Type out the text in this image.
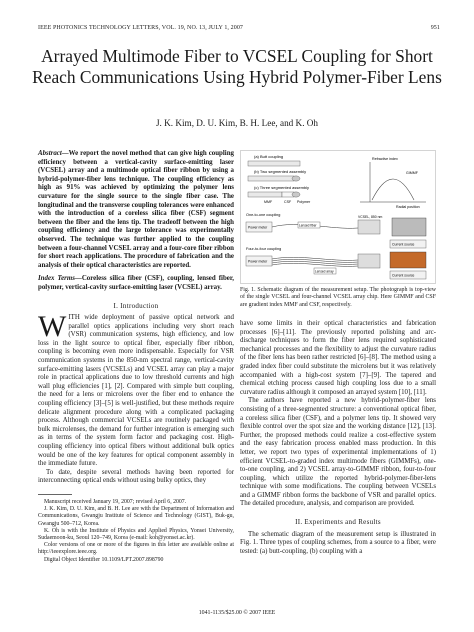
IEEE PHOTONICS TECHNOLOGY LETTERS, VOL. 19, NO. 13, JULY 1, 2007	951
Arrayed Multimode Fiber to VCSEL Coupling for Short Reach Communications Using Hybrid Polymer-Fiber Lens
J. K. Kim, D. U. Kim, B. H. Lee, and K. Oh

Abstract—We report the novel method that can give high coupling efficiency between a vertical-cavity surface-emitting laser (VCSEL) array and a multimode optical fiber ribbon by using a hybrid-polymer-fiber lens technique. The coupling efficiency as high as 91% was achieved by optimizing the polymer lens curvature for the single source to the single fiber case. The longitudinal and the transverse coupling tolerances were enhanced with the introduction of a coreless silica fiber (CSF) segment between the fiber and the lens tip. The tradeoff between the high coupling efficiency and the large tolerance was experimentally observed. The technique was further applied to the coupling between a four-channel VCSEL array and a four-core fiber ribbon for short reach applications. The procedure of fabrication and the analysis of their optical characteristics are reported.

Index Terms—Coreless silica fiber (CSF), coupling, lensed fiber, polymer, vertical-cavity surface-emitting laser (VCSEL) array.

I. Introduction

WITH wide deployment of passive optical network and parallel optics applications including very short reach (VSR) communication systems, high efficiency, and low loss in the light source to optical fiber, especially fiber ribbon, coupling is becoming even more indispensable. Especially for VSR communication systems in the 850-nm spectral range, vertical-cavity surface-emitting lasers (VCSELs) and VCSEL array can play a major role in practical applications due to low threshold currents and high wall plug efficiencies [1], [2]. Compared with simple butt coupling, the need for a lens or microlens over the fiber end to enhance the coupling efficiency [3]–[5] is well-justified, but these methods require delicate alignment procedure along with a complicated packaging process. Although commercial VCSELs are routinely packaged with bulk microlenses, the demand for further integration is emerging such as in terms of the system form factor and packaging cost. High-coupling efficiency into optical fibers without additional bulk optics would be one of the key features for optical component assembly in the immediate future.

To date, despite several methods having been reported for interconnecting optical ends without using bulky optics, they

Manuscript received January 19, 2007; revised April 6, 2007.

J. K. Kim, D. U. Kim, and B. H. Lee are with the Department of Information and Communications, Gwangju Institute of Science and Technology (GIST), Buk-gu, Gwangju 500–712, Korea.

K. Oh is with the Institute of Physics and Applied Physics, Yonsei University, Sudaemoon-ku, Seoul 120–749, Korea (e-mail: koh@yonsei.ac.kr).

Color versions of one or more of the figures in this letter are available online at http://ieeexplore.ieee.org.

Digital Object Identifier 10.1109/LPT.2007.898790

(a) Butt coupling
(b) Two segmented assembly
(c) Three segmented assembly
MMF	CSF Polymer
Refractive index
GIMMF
Radial position
One-to-one coupling
Power meter
Lensed fiber
VCSEL, 850 nm
Current source
Four-to-four coupling
Power meter
Lensed array
Current source
Fig. 1. Schematic diagram of the measurement setup. The photograph is top-view of the single VCSEL and four-channel VCSEL array chip. Here GIMMF and CSF are gradient index MMF and CSF, respectively.

have some limits in their optical characteristics and fabrication processes [6]–[11]. The previously reported polishing and arc-discharge techniques to form the fiber lens required sophisticated mechanical processes and the flexibility to adjust the curvature radius of the fiber lens has been rather restricted [6]–[8]. The method using a graded index fiber could substitute the microlens but it was relatively accompanied with a high-cost system [7]–[9]. The tapered and chemical etching process caused high coupling loss due to a small curvature radius although it composed an arrayed system [10], [11].

The authors have reported a new hybrid-polymer-fiber lens consisting of a three-segmented structure: a conventional optical fiber, a coreless silica fiber (CSF), and a polymer lens tip. It showed very flexible control over the spot size and the working distance [12], [13]. Further, the proposed methods could realize a cost-effective system and the easy fabrication process enabled mass production. In this letter, we report two types of experimental implementations of 1) efficient VCSEL-to-graded index multimode fibers (GIMMFs), one-to-one coupling, and 2) VCSEL array-to-GIMMF ribbon, four-to-four coupling, which utilize the reported hybrid-polymer-fiber-lens technique with some modifications. The coupling between VCSELs and a GIMMF ribbon forms the backbone of VSR and parallel optics. The detailed procedure, analysis, and comparison are provided.

II. Experiments and Results

The schematic diagram of the measurement setup is illustrated in Fig. 1. Three types of coupling schemes, from a source to a fiber, were tested: (a) butt-coupling, (b) coupling with a

1041-1135/$25.00 © 2007 IEEE
